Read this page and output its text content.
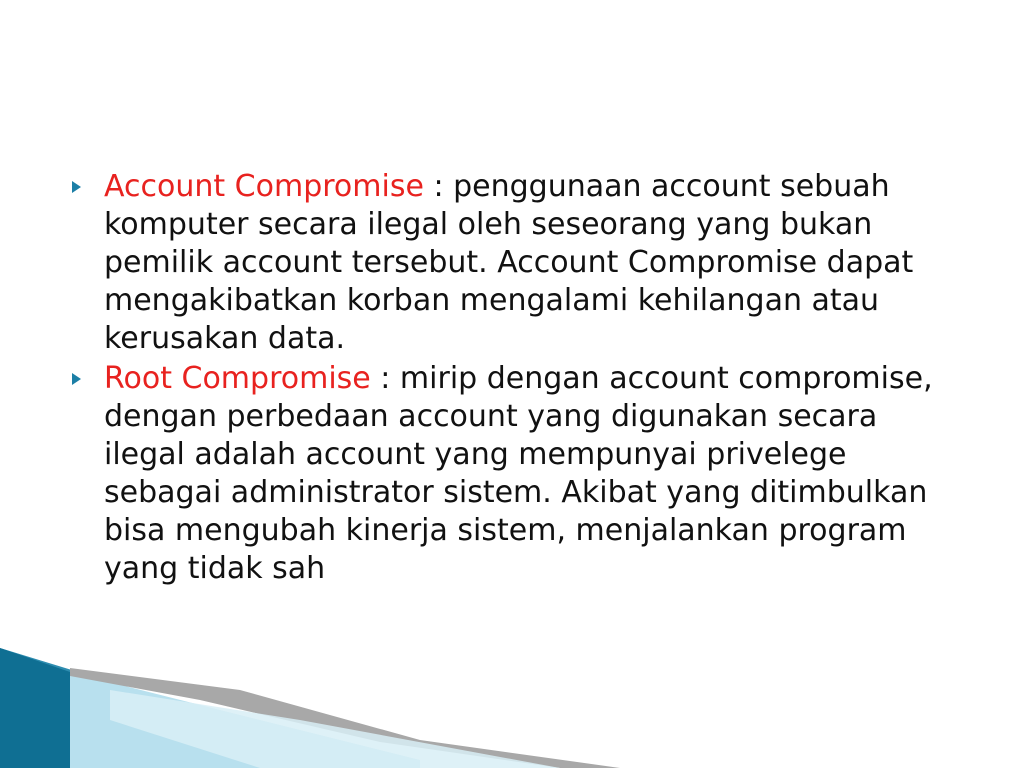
Account Compromise : penggunaan account sebuah komputer secara ilegal oleh seseorang yang bukan pemilik account tersebut. Account Compromise dapat mengakibatkan korban mengalami kehilangan atau kerusakan data.
Root Compromise : mirip dengan account compromise, dengan perbedaan account yang digunakan secara ilegal adalah account yang mempunyai privelege sebagai administrator sistem. Akibat yang ditimbulkan bisa mengubah kinerja sistem, menjalankan program yang tidak sah
